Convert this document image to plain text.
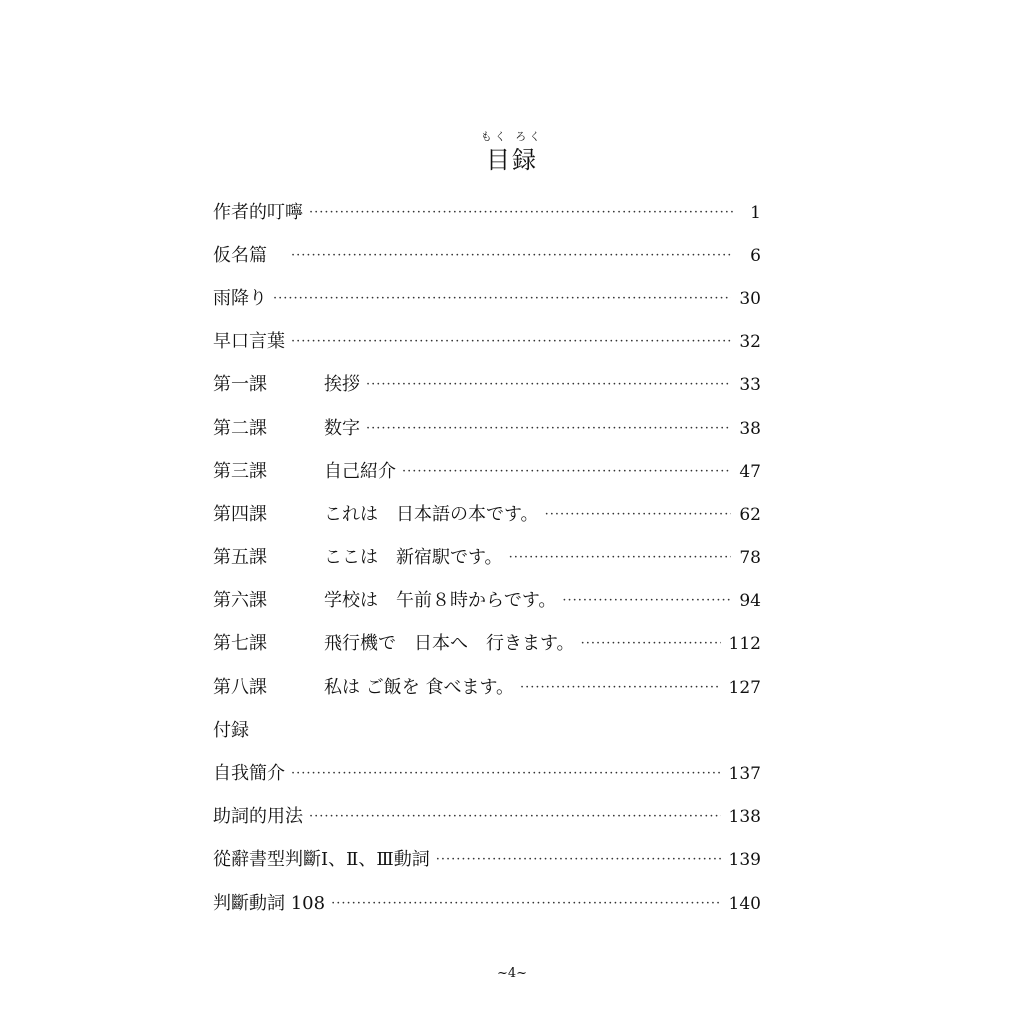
もく ろく
目録
作者的叮嚀 ·····	1
仮名篇　 ·····	6
雨降り ·····	30
早口言葉 ·····	32
第一課	挨拶 ·····	33
第二課	数字 ·····	38
第三課	自己紹介 ·····	47
第四課	これは　日本語の本です。 ·····	62
第五課	ここは　新宿駅です。 ·····	78
第六課	学校は　午前８時からです。 ·····	94
第七課	飛行機で　日本へ　行きます。 ·····	112
第八課	私は ご飯を 食べます。 ·····	127
付録
自我簡介 ·····	137
助詞的用法 ·····	138
從辭書型判斷Ⅰ、Ⅱ、Ⅲ動詞 ·····	139
判斷動詞 108 ·····	140
~4~
